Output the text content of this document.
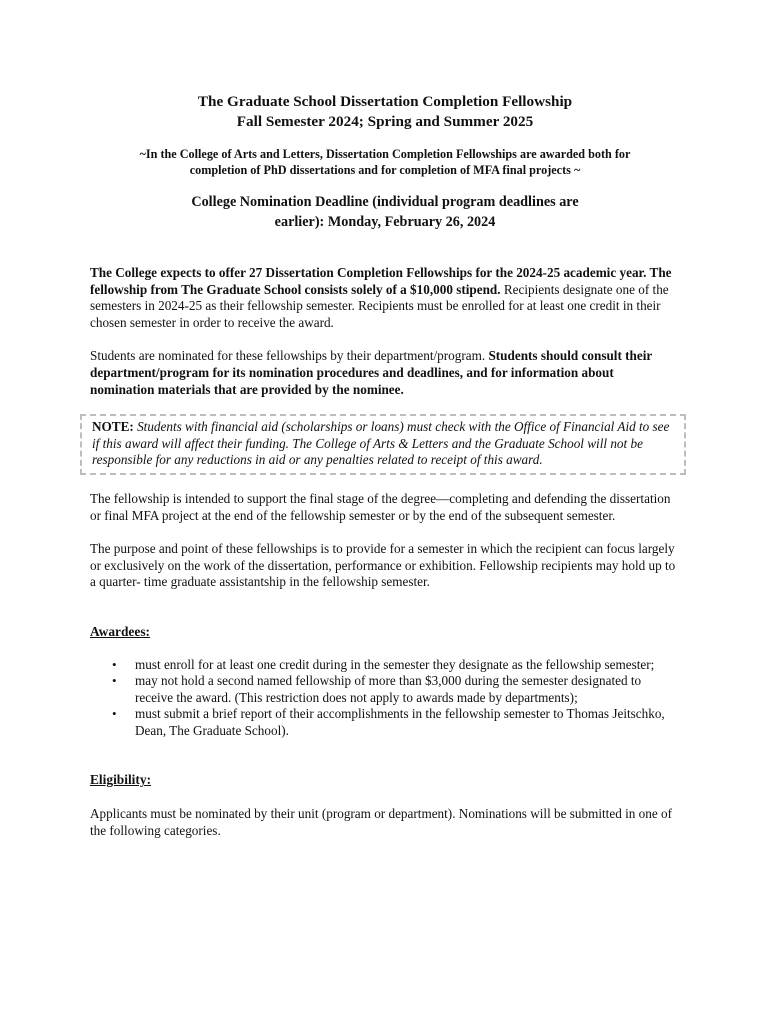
The Graduate School Dissertation Completion Fellowship
Fall Semester 2024; Spring and Summer 2025

~In the College of Arts and Letters, Dissertation Completion Fellowships are awarded both for
completion of PhD dissertations and for completion of MFA final projects ~

College Nomination Deadline (individual program deadlines are
earlier): Monday, February 26, 2024

The College expects to offer 27 Dissertation Completion Fellowships for the 2024-25 academic year. The fellowship from The Graduate School consists solely of a $10,000 stipend. Recipients designate one of the semesters in 2024-25 as their fellowship semester. Recipients must be enrolled for at least one credit in their chosen semester in order to receive the award.

Students are nominated for these fellowships by their department/program. Students should consult their department/program for its nomination procedures and deadlines, and for information about nomination materials that are provided by the nominee.

NOTE: Students with financial aid (scholarships or loans) must check with the Office of Financial Aid to see if this award will affect their funding. The College of Arts & Letters and the Graduate School will not be responsible for any reductions in aid or any penalties related to receipt of this award.

The fellowship is intended to support the final stage of the degree—completing and defending the dissertation or final MFA project at the end of the fellowship semester or by the end of the subsequent semester.

The purpose and point of these fellowships is to provide for a semester in which the recipient can focus largely or exclusively on the work of the dissertation, performance or exhibition. Fellowship recipients may hold up to a quarter- time graduate assistantship in the fellowship semester.

Awardees:

• must enroll for at least one credit during in the semester they designate as the fellowship semester;
• may not hold a second named fellowship of more than $3,000 during the semester designated to receive the award. (This restriction does not apply to awards made by departments);
• must submit a brief report of their accomplishments in the fellowship semester to Thomas Jeitschko, Dean, The Graduate School).

Eligibility:

Applicants must be nominated by their unit (program or department). Nominations will be submitted in one of the following categories.
